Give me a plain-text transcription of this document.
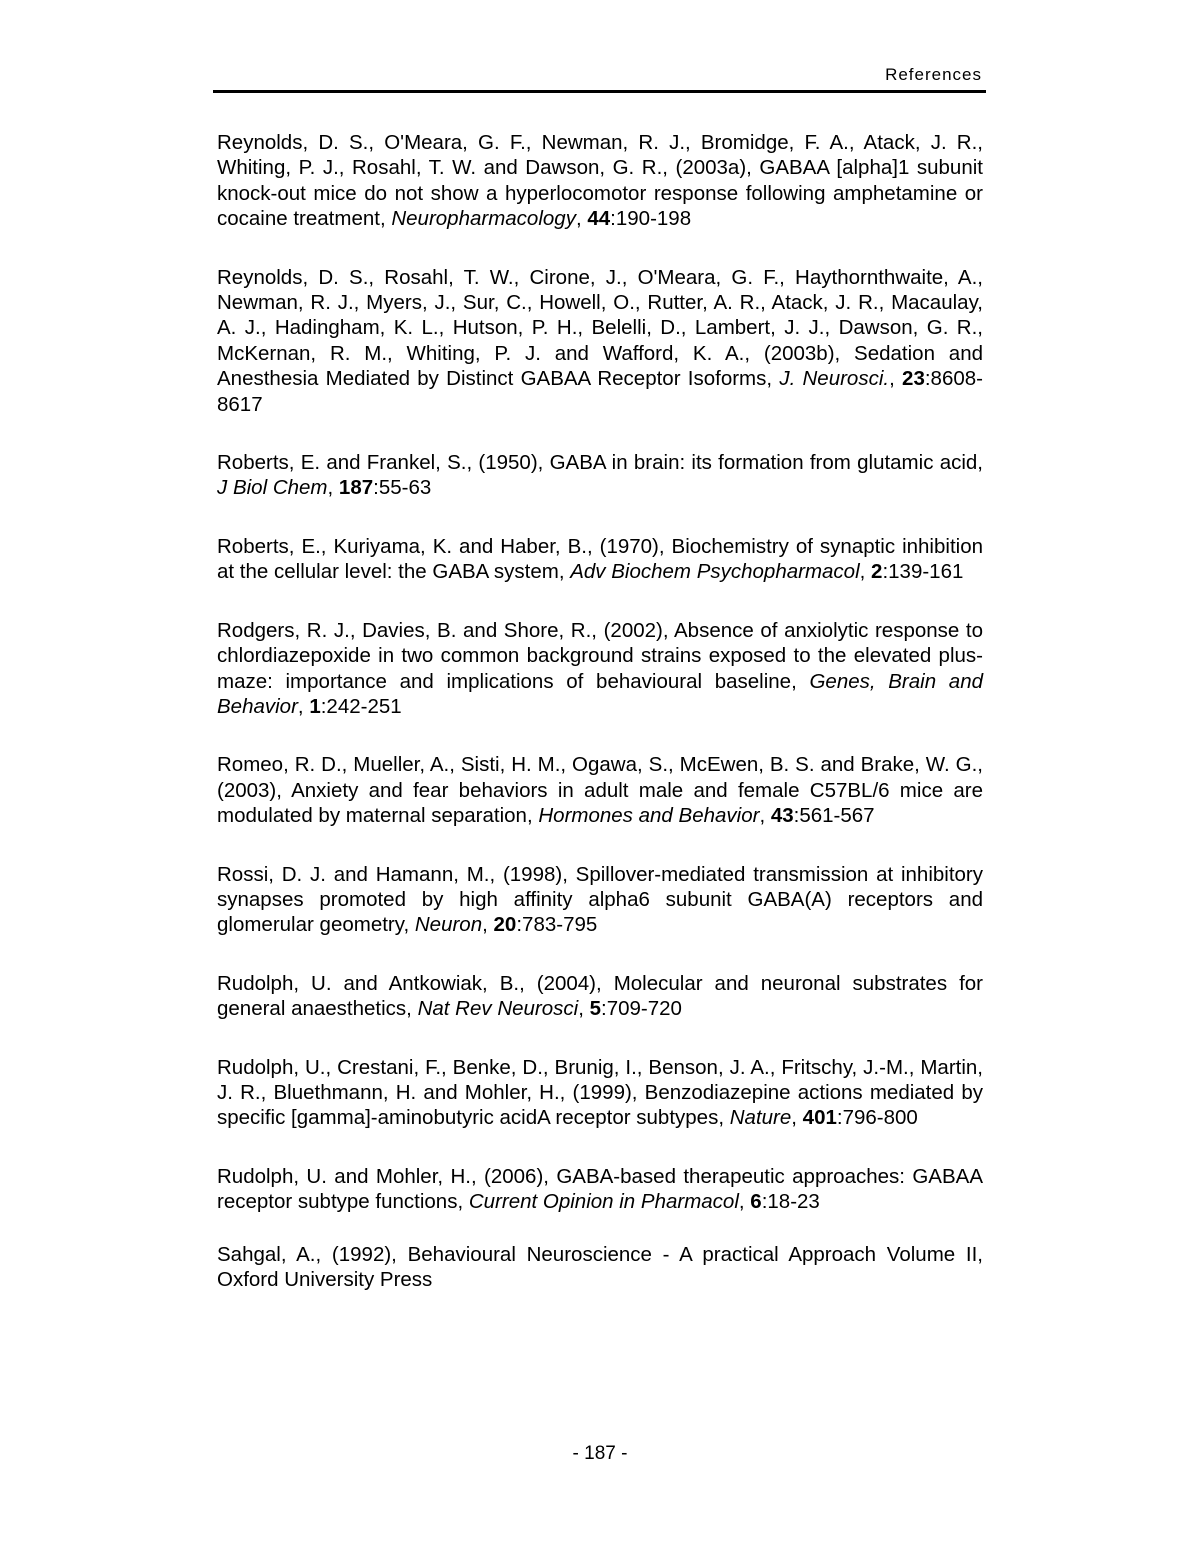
References

Reynolds, D. S., O'Meara, G. F., Newman, R. J., Bromidge, F. A., Atack, J. R., Whiting, P. J., Rosahl, T. W. and Dawson, G. R., (2003a), GABAA [alpha]1 subunit knock-out mice do not show a hyperlocomotor response following amphetamine or cocaine treatment, Neuropharmacology, 44:190-198

Reynolds, D. S., Rosahl, T. W., Cirone, J., O'Meara, G. F., Haythornthwaite, A., Newman, R. J., Myers, J., Sur, C., Howell, O., Rutter, A. R., Atack, J. R., Macaulay, A. J., Hadingham, K. L., Hutson, P. H., Belelli, D., Lambert, J. J., Dawson, G. R., McKernan, R. M., Whiting, P. J. and Wafford, K. A., (2003b), Sedation and Anesthesia Mediated by Distinct GABAA Receptor Isoforms, J. Neurosci., 23:8608-8617

Roberts, E. and Frankel, S., (1950), GABA in brain: its formation from glutamic acid, J Biol Chem, 187:55-63

Roberts, E., Kuriyama, K. and Haber, B., (1970), Biochemistry of synaptic inhibition at the cellular level: the GABA system, Adv Biochem Psychopharmacol, 2:139-161

Rodgers, R. J., Davies, B. and Shore, R., (2002), Absence of anxiolytic response to chlordiazepoxide in two common background strains exposed to the elevated plus-maze: importance and implications of behavioural baseline, Genes, Brain and Behavior, 1:242-251

Romeo, R. D., Mueller, A., Sisti, H. M., Ogawa, S., McEwen, B. S. and Brake, W. G., (2003), Anxiety and fear behaviors in adult male and female C57BL/6 mice are modulated by maternal separation, Hormones and Behavior, 43:561-567

Rossi, D. J. and Hamann, M., (1998), Spillover-mediated transmission at inhibitory synapses promoted by high affinity alpha6 subunit GABA(A) receptors and glomerular geometry, Neuron, 20:783-795

Rudolph, U. and Antkowiak, B., (2004), Molecular and neuronal substrates for general anaesthetics, Nat Rev Neurosci, 5:709-720

Rudolph, U., Crestani, F., Benke, D., Brunig, I., Benson, J. A., Fritschy, J.-M., Martin, J. R., Bluethmann, H. and Mohler, H., (1999), Benzodiazepine actions mediated by specific [gamma]-aminobutyric acidA receptor subtypes, Nature, 401:796-800

Rudolph, U. and Mohler, H., (2006), GABA-based therapeutic approaches: GABAA receptor subtype functions, Current Opinion in Pharmacol, 6:18-23

Sahgal, A., (1992), Behavioural Neuroscience - A practical Approach Volume II, Oxford University Press

- 187 -
